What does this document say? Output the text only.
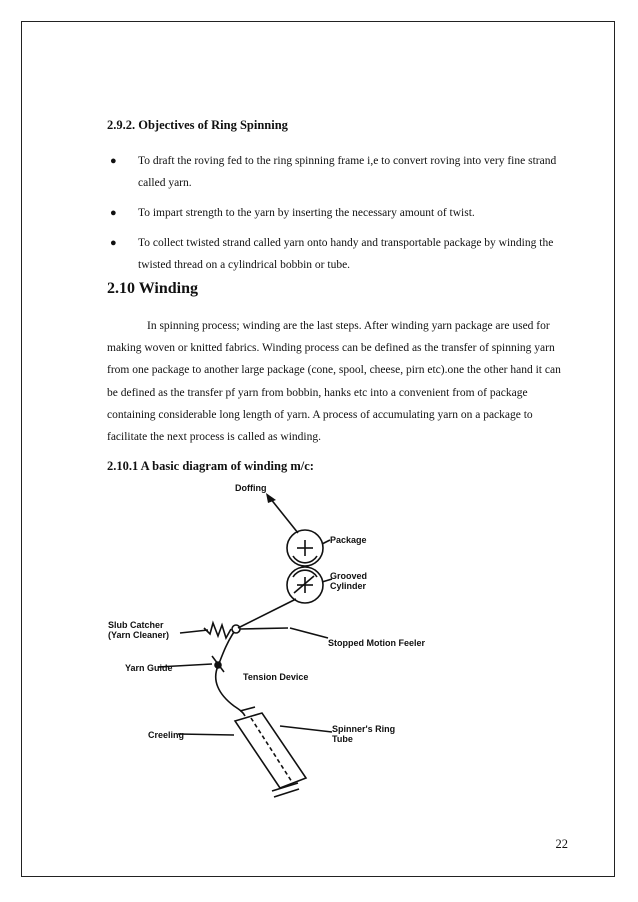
2.9.2. Objectives of Ring Spinning
● To draft the roving fed to the ring spinning frame i,e to convert roving into very fine strand called yarn.
● To impart strength to the yarn by inserting the necessary amount of twist.
● To collect twisted strand called yarn onto handy and transportable package by winding the twisted thread on a cylindrical bobbin or tube.
2.10 Winding

In spinning process; winding are the last steps. After winding yarn package are used for making woven or knitted fabrics. Winding process can be defined as the transfer of spinning yarn from one package to another large package (cone, spool, cheese, pirn etc).one the other hand it can be defined as the transfer pf yarn from bobbin, hanks etc into a convenient from of package containing considerable long length of yarn. A process of accumulating yarn on a package to facilitate the next process is called as winding.

2.10.1 A basic diagram of winding m/c:
Doffing
Package
Grooved
Cylinder
Slub Catcher
(Yarn Cleaner)
Stopped Motion Feeler
Yarn Guide
Tension Device
Creeling
Spinner's Ring
Tube
22
